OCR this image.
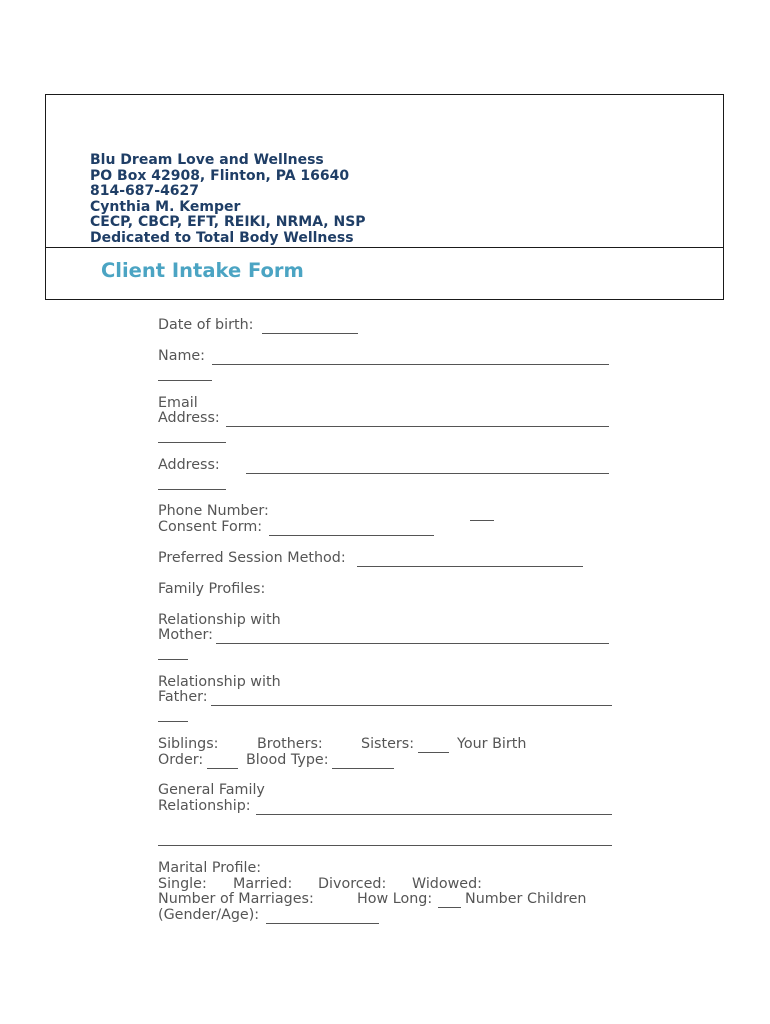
Blu Dream Love and Wellness
PO Box 42908, Flinton, PA 16640
814-687-4627
Cynthia M. Kemper
CECP, CBCP, EFT, REIKI, NRMA, NSP
Dedicated to Total Body Wellness
Client Intake Form
Date of birth:
Name:
Email
Address:
Address:
Phone Number:
Consent Form:
Preferred Session Method:
Family Profiles:
Relationship with
Mother:
Relationship with
Father:
Siblings:	Brothers:	Sisters:	Your Birth
Order:	Blood Type:
General Family
Relationship:
Marital Profile:
Single: Married: Divorced: Widowed:
Number of Marriages:	How Long: Number Children
(Gender/Age):
